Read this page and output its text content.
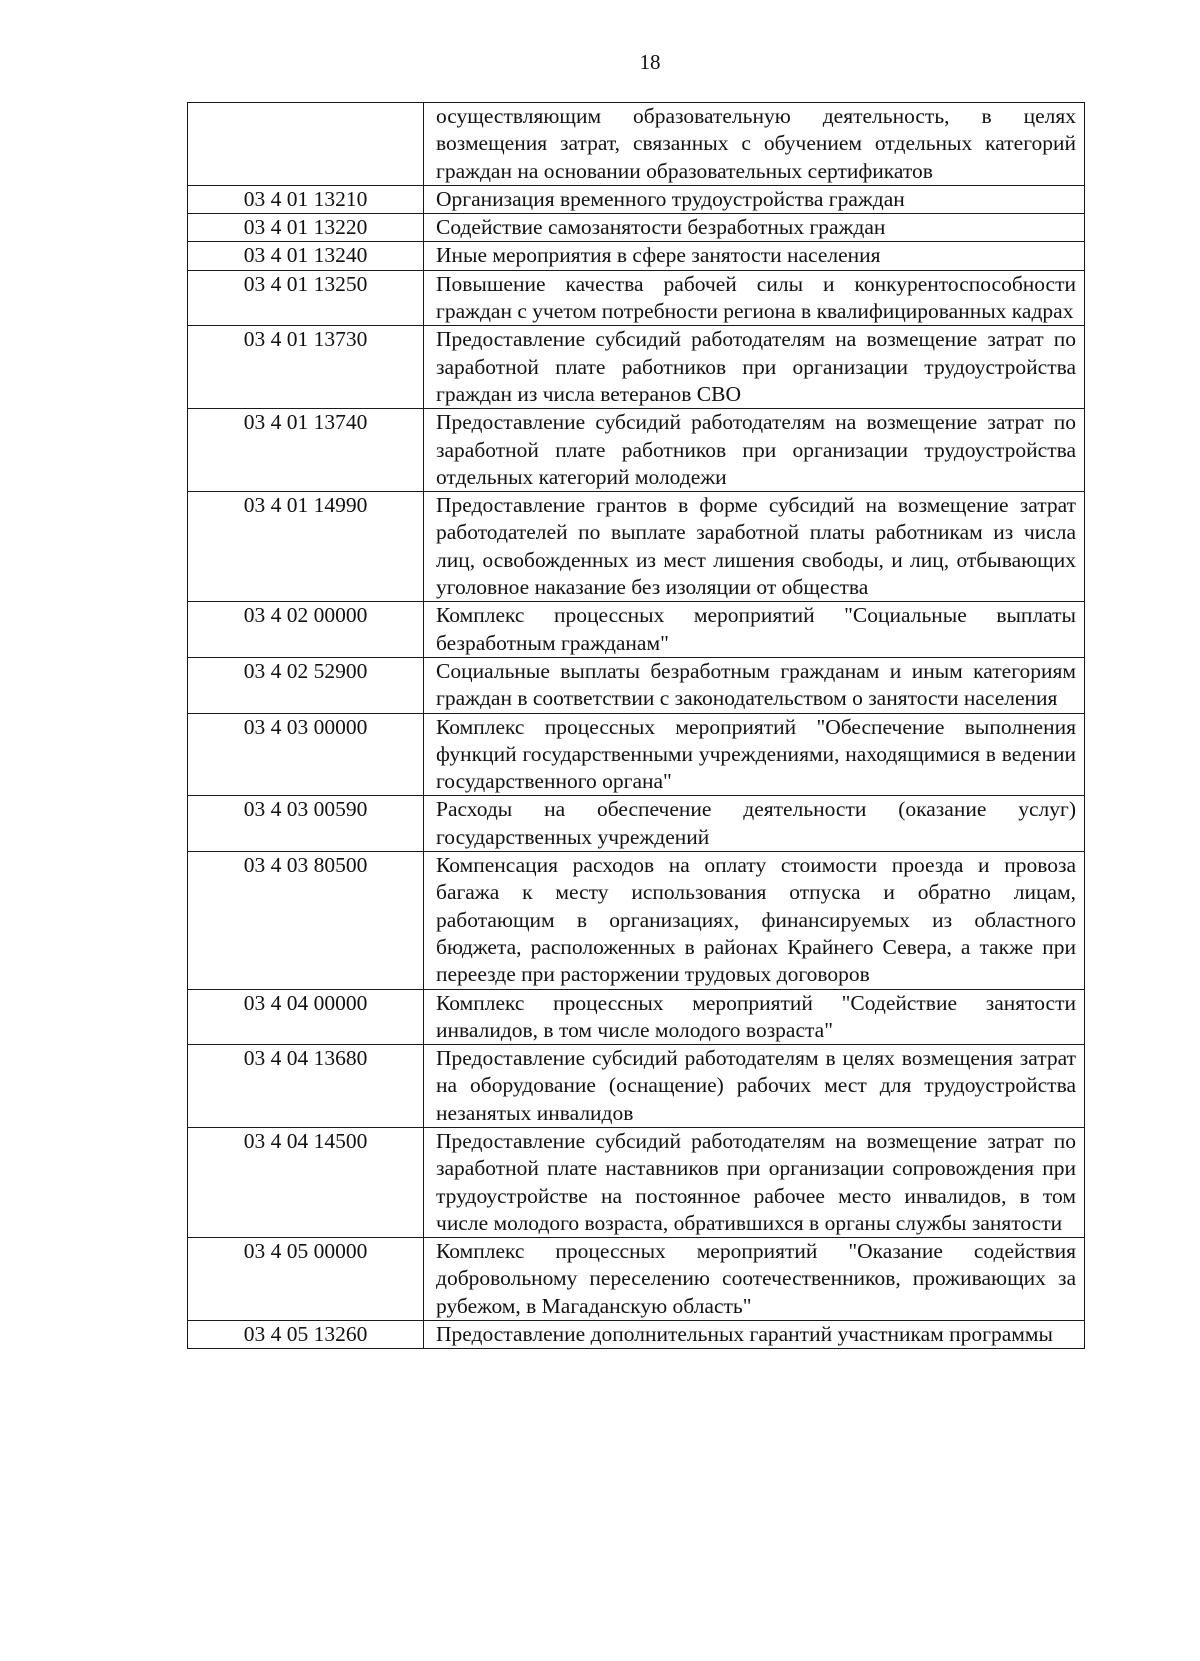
18
	осуществляющим образовательную деятельность, в целях возмещения затрат, связанных с обучением отдельных категорий граждан на основании образовательных сертификатов
03 4 01 13210	Организация временного трудоустройства граждан
03 4 01 13220	Содействие самозанятости безработных граждан
03 4 01 13240	Иные мероприятия в сфере занятости населения
03 4 01 13250	Повышение качества рабочей силы и конкурентоспособности граждан с учетом потребности региона в квалифицированных кадрах
03 4 01 13730	Предоставление субсидий работодателям на возмещение затрат по заработной плате работников при организации трудоустройства граждан из числа ветеранов СВО
03 4 01 13740	Предоставление субсидий работодателям на возмещение затрат по заработной плате работников при организации трудоустройства отдельных категорий молодежи
03 4 01 14990	Предоставление грантов в форме субсидий на возмещение затрат работодателей по выплате заработной платы работникам из числа лиц, освобожденных из мест лишения свободы, и лиц, отбывающих уголовное наказание без изоляции от общества
03 4 02 00000	Комплекс процессных мероприятий "Социальные выплаты безработным гражданам"
03 4 02 52900	Социальные выплаты безработным гражданам и иным категориям граждан в соответствии с законодательством о занятости населения
03 4 03 00000	Комплекс процессных мероприятий "Обеспечение выполнения функций государственными учреждениями, находящимися в ведении государственного органа"
03 4 03 00590	Расходы на обеспечение деятельности (оказание услуг) государственных учреждений
03 4 03 80500	Компенсация расходов на оплату стоимости проезда и провоза багажа к месту использования отпуска и обратно лицам, работающим в организациях, финансируемых из областного бюджета, расположенных в районах Крайнего Севера, а также при переезде при расторжении трудовых договоров
03 4 04 00000	Комплекс процессных мероприятий "Содействие занятости инвалидов, в том числе молодого возраста"
03 4 04 13680	Предоставление субсидий работодателям в целях возмещения затрат на оборудование (оснащение) рабочих мест для трудоустройства незанятых инвалидов
03 4 04 14500	Предоставление субсидий работодателям на возмещение затрат по заработной плате наставников при организации сопровождения при трудоустройстве на постоянное рабочее место инвалидов, в том числе молодого возраста, обратившихся в органы службы занятости
03 4 05 00000	Комплекс процессных мероприятий "Оказание содействия добровольному переселению соотечественников, проживающих за рубежом, в Магаданскую область"
03 4 05 13260	Предоставление дополнительных гарантий участникам программы
